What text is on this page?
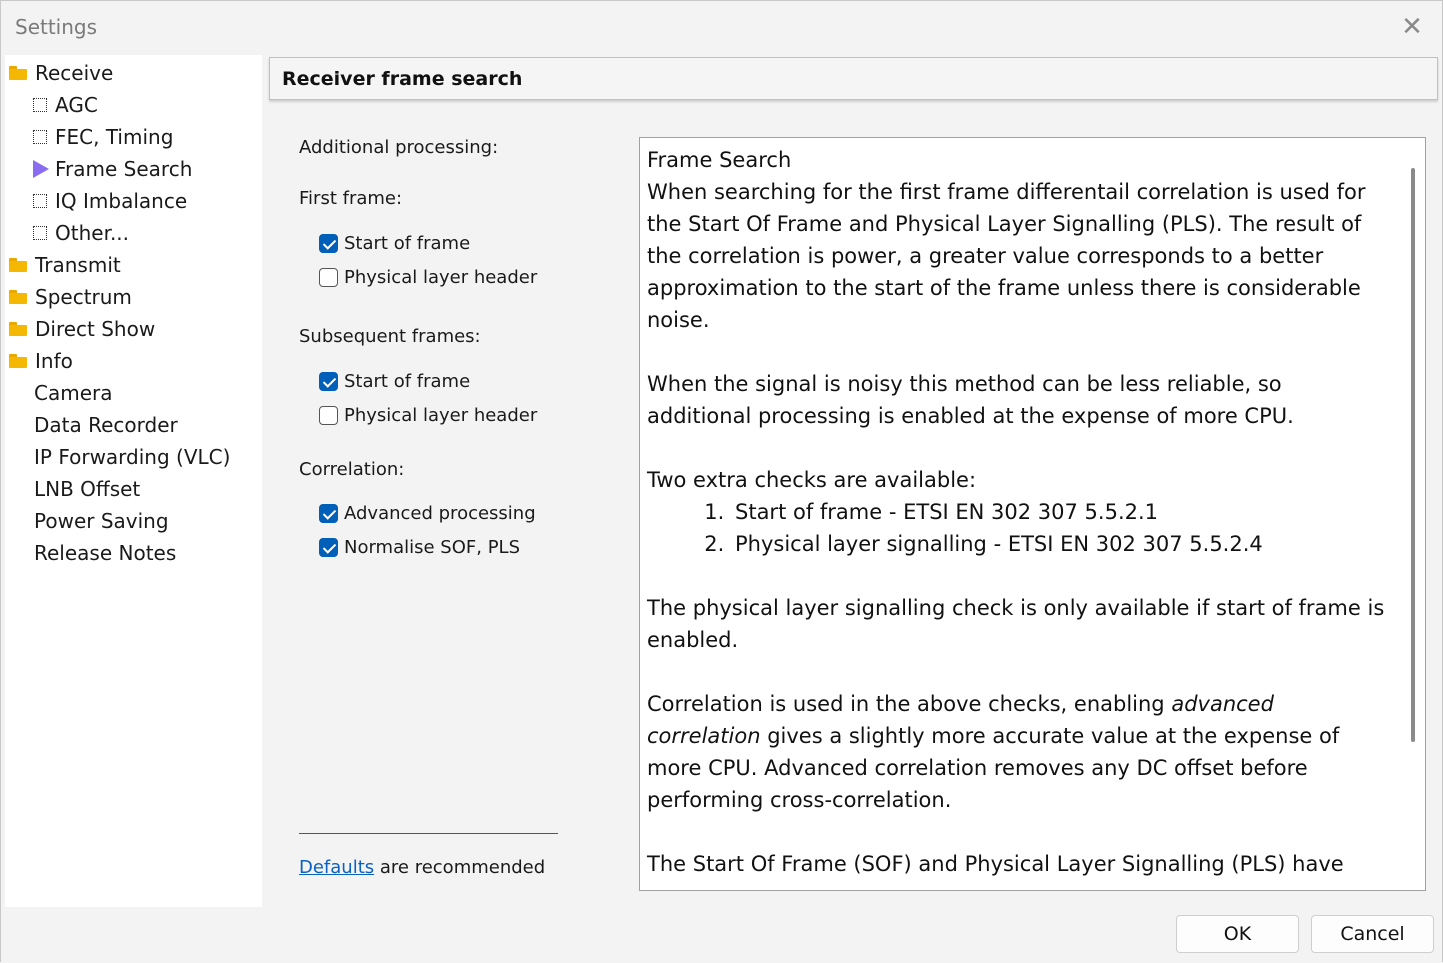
Settings	✕
Receive
AGC
FEC, Timing
Frame Search
IQ Imbalance
Other...
Transmit
Spectrum
Direct Show
Info
Camera
Data Recorder
IP Forwarding (VLC)
LNB Offset
Power Saving
Release Notes
Receiver frame search
Additional processing:
First frame:
Start of frame
Physical layer header
Subsequent frames:
Start of frame
Physical layer header
Correlation:
Advanced processing
Normalise SOF, PLS
Defaults are recommended

Frame Search

When searching for the first frame differentail correlation is used for the Start Of Frame and Physical Layer Signalling (PLS). The result of the correlation is power, a greater value corresponds to a better approximation to the start of the frame unless there is considerable noise.

When the signal is noisy this method can be less reliable, so additional processing is enabled at the expense of more CPU.

Two extra checks are available:

1. Start of frame - ETSI EN 302 307 5.5.2.1
2. Physical layer signalling - ETSI EN 302 307 5.5.2.4

The physical layer signalling check is only available if start of frame is enabled.

Correlation is used in the above checks, enabling advanced correlation gives a slightly more accurate value at the expense of more CPU. Advanced correlation removes any DC offset before performing cross-correlation.

The Start Of Frame (SOF) and Physical Layer Signalling (PLS) have

OK	Cancel
